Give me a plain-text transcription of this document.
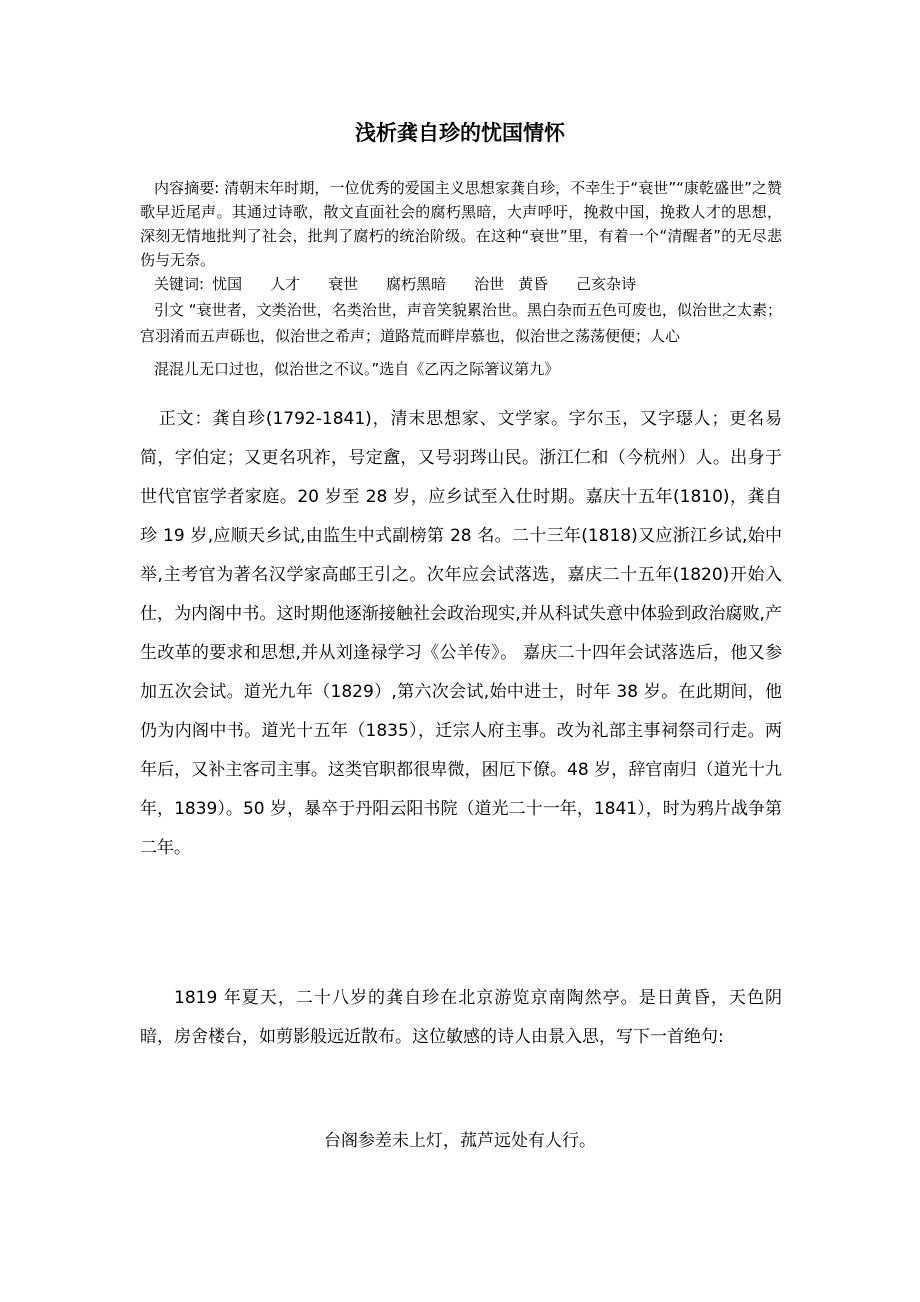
浅析龚自珍的忧国情怀

内容摘要: 清朝末年时期，一位优秀的爱国主义思想家龚自珍，不幸生于“衰世”“康乾盛世”之赞歌早近尾声。其通过诗歌，散文直面社会的腐朽黑暗，大声呼吁，挽救中国，挽救人才的思想，深刻无情地批判了社会，批判了腐朽的统治阶级。在这种“衰世”里，有着一个“清醒者”的无尽悲伤与无奈。

关键词: 忧国 人才 衰世 腐朽黑暗 治世 黄昏 己亥杂诗

引文 “衰世者，文类治世，名类治世，声音笑貌累治世。黑白杂而五色可废也，似治世之太素；宫羽淆而五声砾也，似治世之希声；道路荒而畔岸慕也，似治世之荡荡便便；人心

混混儿无口过也，似治世之不议。”选自《乙丙之际箸议第九》

正文：龚自珍(1792-1841)，清末思想家、文学家。字尔玉，又字璱人；更名易简，字伯定；又更名巩祚，号定盦，又号羽琌山民。浙江仁和（今杭州）人。出身于世代官宦学者家庭。20 岁至 28 岁，应乡试至入仕时期。嘉庆十五年(1810)，龚自珍 19 岁,应顺天乡试,由监生中式副榜第 28 名。二十三年(1818)又应浙江乡试,始中举,主考官为著名汉学家高邮王引之。次年应会试落选，嘉庆二十五年(1820)开始入仕，为内阁中书。这时期他逐渐接触社会政治现实,并从科试失意中体验到政治腐败,产生改革的要求和思想,并从刘逢禄学习《公羊传》。 嘉庆二十四年会试落选后，他又参加五次会试。道光九年（1829）,第六次会试,始中进士，时年 38 岁。在此期间，他仍为内阁中书。道光十五年（1835），迁宗人府主事。改为礼部主事祠祭司行走。两年后，又补主客司主事。这类官职都很卑微，困厄下僚。48 岁，辞官南归（道光十九年，1839）。50 岁，暴卒于丹阳云阳书院（道光二十一年，1841），时为鸦片战争第二年。

1819 年夏天，二十八岁的龚自珍在北京游览京南陶然亭。是日黄昏，天色阴暗，房舍楼台，如剪影般远近散布。这位敏感的诗人由景入思，写下一首绝句:

台阁参差未上灯，菰芦远处有人行。
